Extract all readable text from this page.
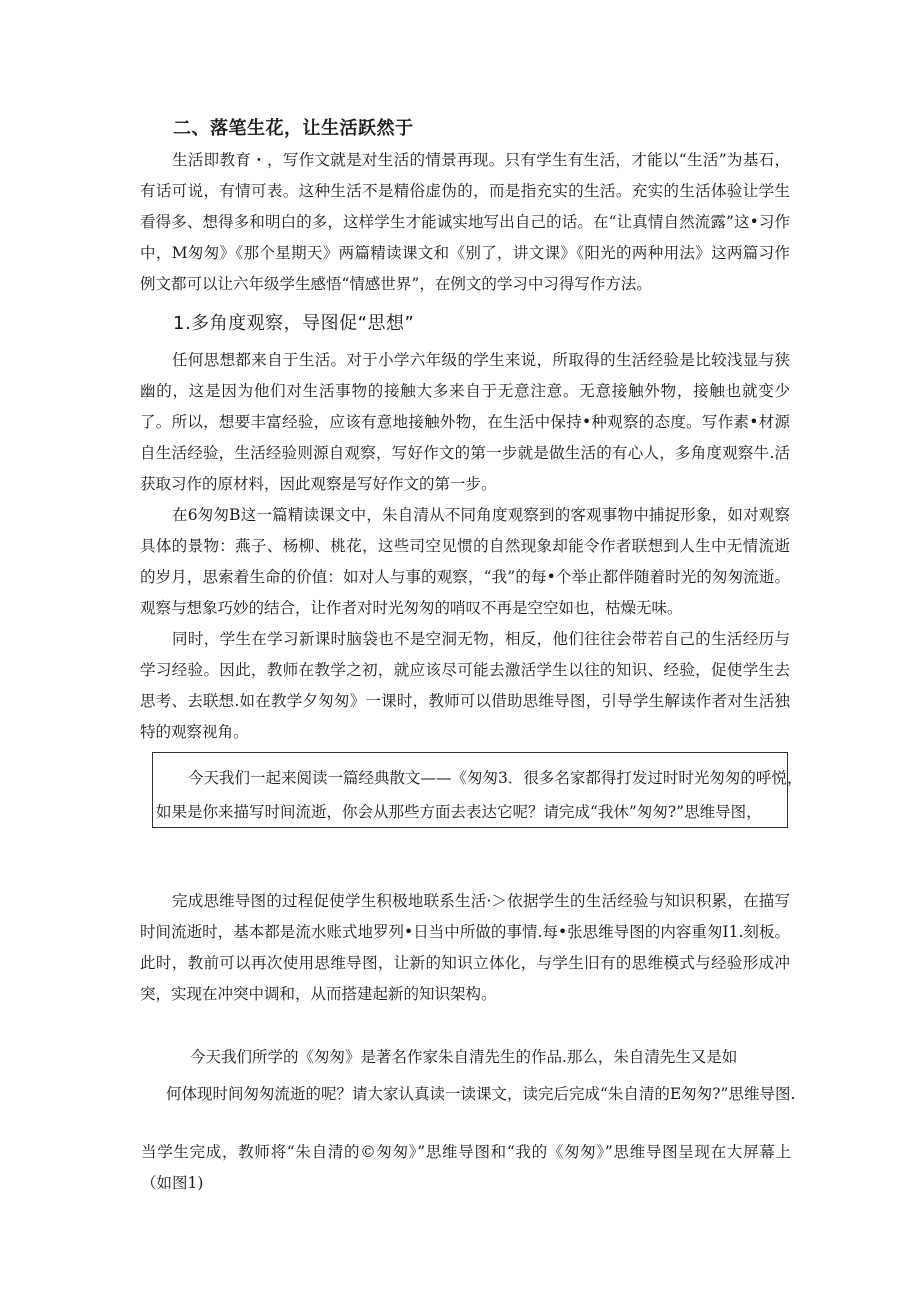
二、落笔生花，让生活跃然于
生活即教育・，写作文就是对生活的情景再现。只有学生有生活，才能以“生活”为基石，有话可说，有情可表。这种生活不是精俗虚伪的，而是指充实的生活。充实的生活体验让学生看得多、想得多和明白的多，这样学生才能诚实地写出自己的话。在“让真情自然流露”这•习作中，M匆匆》《那个星期天》两篇精读课文和《别了，讲文课》《阳光的两种用法》这两篇习作例文都可以让六年级学生感悟“情感世界”，在例文的学习中习得写作方法。
1.多角度观察，导图促“思想”
任何思想都来自于生活。对于小学六年级的学生来说，所取得的生活经验是比较浅显与狭幽的，这是因为他们对生活事物的接触大多来自于无意注意。无意接触外物，接触也就变少了。所以，想要丰富经验，应该有意地接触外物，在生活中保持•种观察的态度。写作素•材源自生活经验，生活经验则源自观察，写好作文的第一步就是做生活的有心人，多角度观察牛.活获取习作的原材料，因此观察是写好作文的第一步。
在6匆匆B这一篇精读课文中，朱自清从不同角度观察到的客观事物中捕捉形象，如对观察具体的景物：燕子、杨柳、桃花，这些司空见惯的自然现象却能令作者联想到人生中无情流逝的岁月，思索着生命的价值：如对人与事的观察，“我”的每•个举止都伴随着时光的匆匆流逝。观察与想象巧妙的结合，让作者对时光匆匆的哨叹不再是空空如也，枯燥无味。
同时，学生在学习新课时脑袋也不是空洞无物，相反，他们往往会带若自己的生活经历与学习经验。因此，教师在教学之初，就应该尽可能去激活学生以往的知识、经验，促使学生去思考、去联想.如在教学夕匆匆》一课时，教师可以借助思维导图，引导学生解读作者对生活独特的观察视角。
今天我们一起来阅读一篇经典散文——《匆匆3．很多名家都得打发过时时光匆匆的呼悦，
如果是你来描写时间流逝，你会从那些方面去表达它呢？请完成“我休”匆匆?”思维导图，
完成思维导图的过程促使学生积极地联系生活·＞依据学生的生活经验与知识积累，在描写时间流逝时，基本都是流水账式地罗列•日当中所做的事情.每•张思维导图的内容重匆I1.刻板。此时，教前可以再次使用思维导图，让新的知识立体化，与学生旧有的思维模式与经验形成冲突，实现在冲突中调和，从而搭建起新的知识架构。
今天我们所学的《匆匆》是著名作家朱自清先生的作品.那么，朱自清先生又是如
何体现时间匆匆流逝的呢？请大家认真读一读课文，读完后完成“朱自清的E匆匆?”思维导图.
当学生完成，教师将“朱自清的©匆匆》”思维导图和“我的《匆匆》”思维导图呈现在大屏幕上（如图1)
